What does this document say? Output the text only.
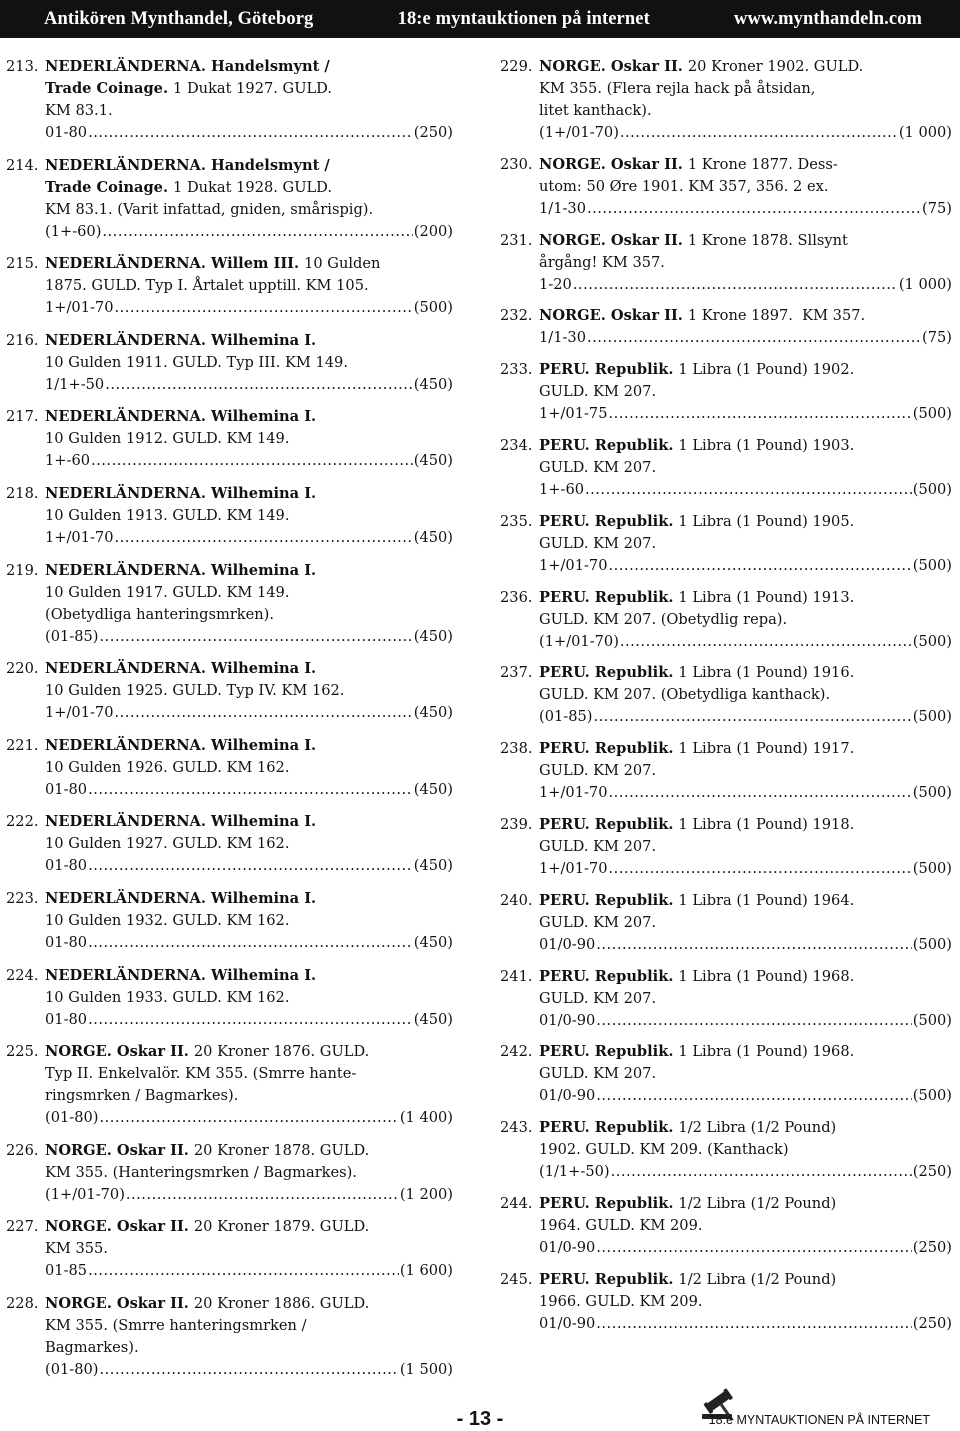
Antikören Mynthandel, Göteborg	18:e myntauktionen på internet	www.mynthandeln.com
213. NEDERLÄNDERNA. Handelsmynt /
Trade Coinage. 1 Dukat 1927. GULD.
KM 83.1.
01-80 .....	(250)
214. NEDERLÄNDERNA. Handelsmynt /
Trade Coinage. 1 Dukat 1928. GULD.
KM 83.1. (Varit infattad, gniden, smårispig).
(1+-60) .....	(200)
215. NEDERLÄNDERNA. Willem III. 10 Gulden
1875. GULD. Typ I. Årtalet upptill. KM 105.
1+/01-70 .....	(500)
216. NEDERLÄNDERNA. Wilhemina I.
10 Gulden 1911. GULD. Typ III. KM 149.
1/1+-50 .....	(450)
217. NEDERLÄNDERNA. Wilhemina I.
10 Gulden 1912. GULD. KM 149.
1+-60 .....	(450)
218. NEDERLÄNDERNA. Wilhemina I.
10 Gulden 1913. GULD. KM 149.
1+/01-70 .....	(450)
219. NEDERLÄNDERNA. Wilhemina I.
10 Gulden 1917. GULD. KM 149.
(Obetydliga hanteringsmrken).
(01-85) .....	(450)
220. NEDERLÄNDERNA. Wilhemina I.
10 Gulden 1925. GULD. Typ IV. KM 162.
1+/01-70 .....	(450)
221. NEDERLÄNDERNA. Wilhemina I.
10 Gulden 1926. GULD. KM 162.
01-80 .....	(450)
222. NEDERLÄNDERNA. Wilhemina I.
10 Gulden 1927. GULD. KM 162.
01-80 .....	(450)
223. NEDERLÄNDERNA. Wilhemina I.
10 Gulden 1932. GULD. KM 162.
01-80 .....	(450)
224. NEDERLÄNDERNA. Wilhemina I.
10 Gulden 1933. GULD. KM 162.
01-80 .....	(450)
225. NORGE. Oskar II. 20 Kroner 1876. GULD.
Typ II. Enkelvalör. KM 355. (Smrre hante-
ringsmrken / Bagmarkes).
(01-80) .....	(1 400)
226. NORGE. Oskar II. 20 Kroner 1878. GULD.
KM 355. (Hanteringsmrken / Bagmarkes).
(1+/01-70) .....	(1 200)
227. NORGE. Oskar II. 20 Kroner 1879. GULD.
KM 355.
01-85 .....	(1 600)
228. NORGE. Oskar II. 20 Kroner 1886. GULD.
KM 355. (Smrre hanteringsmrken /
Bagmarkes).
(01-80) .....	(1 500)
229. NORGE. Oskar II. 20 Kroner 1902. GULD.
KM 355. (Flera rejla hack på åtsidan,
litet kanthack).
(1+/01-70) .....	(1 000)
230. NORGE. Oskar II. 1 Krone 1877. Dess-
utom: 50 Øre 1901. KM 357, 356. 2 ex.
1/1-30 .....	(75)
231. NORGE. Oskar II. 1 Krone 1878. Sllsynt
årgång! KM 357.
1-20 .....	(1 000)
232. NORGE. Oskar II. 1 Krone 1897.  KM 357.
1/1-30 .....	(75)
233. PERU. Republik. 1 Libra (1 Pound) 1902.
GULD. KM 207.
1+/01-75 .....	(500)
234. PERU. Republik. 1 Libra (1 Pound) 1903.
GULD. KM 207.
1+-60 .....	(500)
235. PERU. Republik. 1 Libra (1 Pound) 1905.
GULD. KM 207.
1+/01-70 .....	(500)
236. PERU. Republik. 1 Libra (1 Pound) 1913.
GULD. KM 207. (Obetydlig repa).
(1+/01-70) .....	(500)
237. PERU. Republik. 1 Libra (1 Pound) 1916.
GULD. KM 207. (Obetydliga kanthack).
(01-85) .....	(500)
238. PERU. Republik. 1 Libra (1 Pound) 1917.
GULD. KM 207.
1+/01-70 .....	(500)
239. PERU. Republik. 1 Libra (1 Pound) 1918.
GULD. KM 207.
1+/01-70 .....	(500)
240. PERU. Republik. 1 Libra (1 Pound) 1964.
GULD. KM 207.
01/0-90 .....	(500)
241. PERU. Republik. 1 Libra (1 Pound) 1968.
GULD. KM 207.
01/0-90 .....	(500)
242. PERU. Republik. 1 Libra (1 Pound) 1968.
GULD. KM 207.
01/0-90 .....	(500)
243. PERU. Republik. 1/2 Libra (1/2 Pound)
1902. GULD. KM 209. (Kanthack)
(1/1+-50) .....	(250)
244. PERU. Republik. 1/2 Libra (1/2 Pound)
1964. GULD. KM 209.
01/0-90 .....	(250)
245. PERU. Republik. 1/2 Libra (1/2 Pound)
1966. GULD. KM 209.
01/0-90 .....	(250)
- 13 -	18:e MYNTAUKTIONEN PÅ INTERNET
